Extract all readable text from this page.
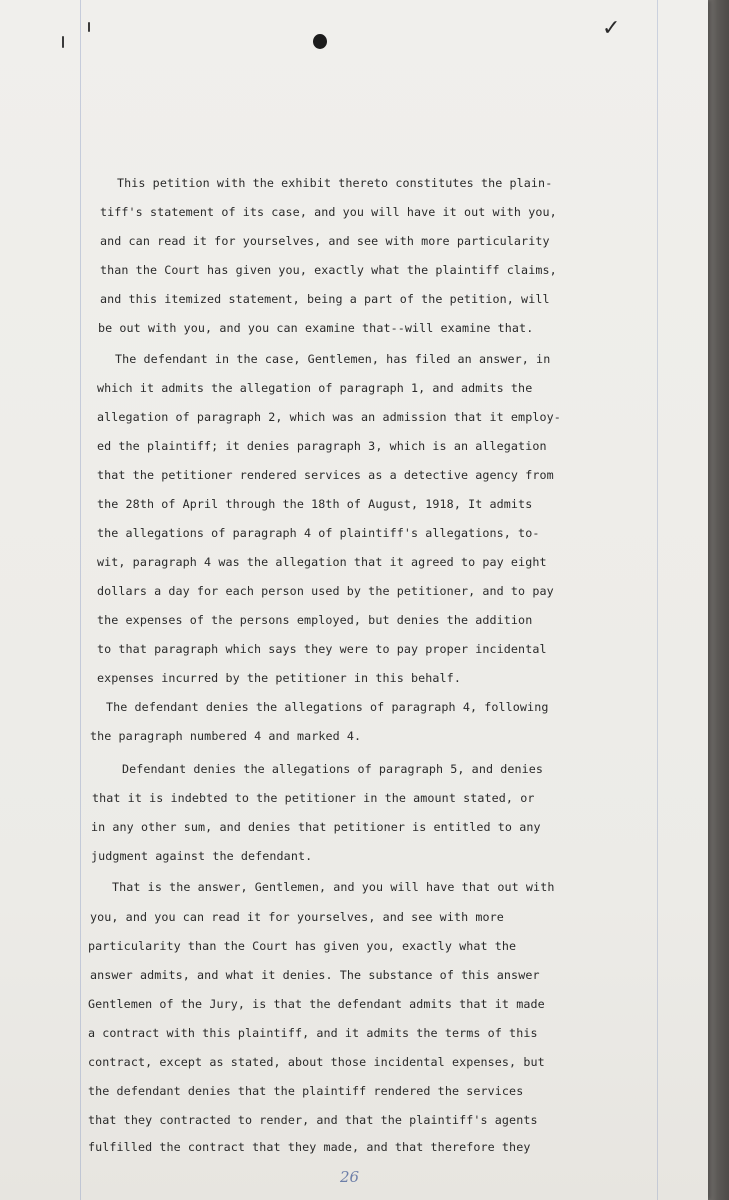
✓
This petition with the exhibit thereto constitutes the plain-
tiff's statement of its case, and you will have it out with you,
and can read it for yourselves, and see with more particularity
than the Court has given you, exactly what the plaintiff claims,
and this itemized statement, being a part of the petition, will
be out with you, and you can examine that--will examine that.
The defendant in the case, Gentlemen, has filed an answer, in
which it admits the allegation of paragraph 1, and admits the
allegation of paragraph 2, which was an admission that it employ-
ed the plaintiff; it denies paragraph 3, which is an allegation
that the petitioner rendered services as a detective agency from
the 28th of April through the 18th of August, 1918, It admits
the allegations of paragraph 4 of plaintiff's allegations, to-
wit, paragraph 4 was the allegation that it agreed to pay eight
dollars a day for each person used by the petitioner, and to pay
the expenses of the persons employed, but denies the addition
to that paragraph which says they were to pay proper incidental
expenses incurred by the petitioner in this behalf.
The defendant denies the allegations of paragraph 4, following
the paragraph numbered 4 and marked 4.
Defendant denies the allegations of paragraph 5, and denies
that it is indebted to the petitioner in the amount stated, or
in any other sum, and denies that petitioner is entitled to any
judgment against the defendant.
That is the answer, Gentlemen, and you will have that out with
you, and you can read it for yourselves, and see with more
particularity than the Court has given you, exactly what the
answer admits, and what it denies. The substance of this answer
Gentlemen of the Jury, is that the defendant admits that it made
a contract with this plaintiff, and it admits the terms of this
contract, except as stated, about those incidental expenses, but
the defendant denies that the plaintiff rendered the services
that they contracted to render, and that the plaintiff's agents
fulfilled the contract that they made, and that therefore they
26
